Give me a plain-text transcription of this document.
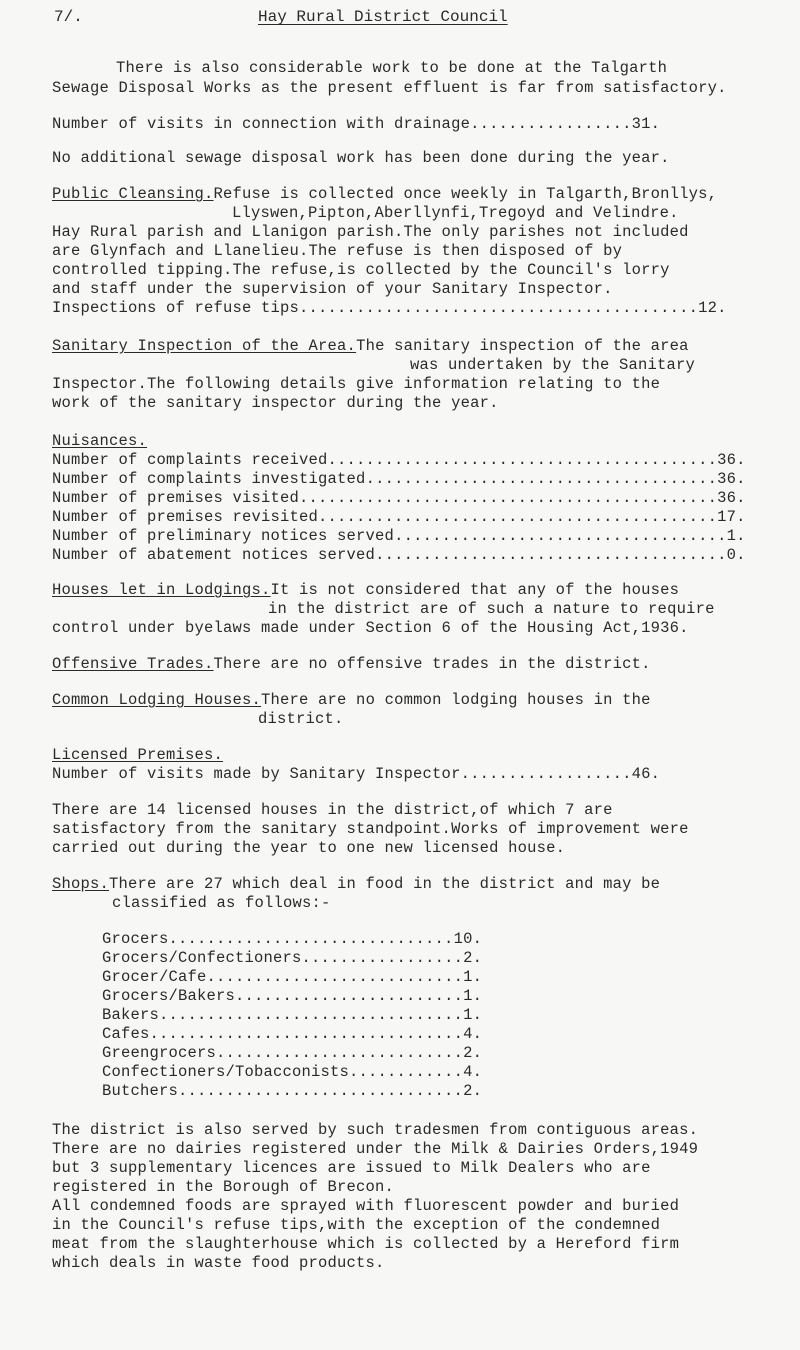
7/.	Hay Rural District Council
There is also considerable work to be done at the Talgarth
Sewage Disposal Works as the present effluent is far from satisfactory.
Number of visits in connection with drainage.................31.
No additional sewage disposal work has been done during the year.
Public Cleansing.Refuse is collected once weekly in Talgarth,Bronllys,
Llyswen,Pipton,Aberllynfi,Tregoyd and Velindre.
Hay Rural parish and Llanigon parish.The only parishes not included
are Glynfach and Llanelieu.The refuse is then disposed of by
controlled tipping.The refuse,is collected by the Council's lorry
and staff under the supervision of your Sanitary Inspector.
Inspections of refuse tips..........................................12.
Sanitary Inspection of the Area.The sanitary inspection of the area
was undertaken by the Sanitary
Inspector.The following details give information relating to the
work of the sanitary inspector during the year.
Nuisances.
Number of complaints received.........................................36.
Number of complaints investigated.....................................36.
Number of premises visited............................................36.
Number of premises revisited..........................................17.
Number of preliminary notices served...................................1.
Number of abatement notices served.....................................0.
Houses let in Lodgings.It is not considered that any of the houses
in the district are of such a nature to require
control under byelaws made under Section 6 of the Housing Act,1936.
Offensive Trades.There are no offensive trades in the district.
Common Lodging Houses.There are no common lodging houses in the
district.
Licensed Premises.
Number of visits made by Sanitary Inspector..................46.
There are 14 licensed houses in the district,of which 7 are
satisfactory from the sanitary standpoint.Works of improvement were
carried out during the year to one new licensed house.
Shops.There are 27 which deal in food in the district and may be
classified as follows:-
Grocers..............................10.
Grocers/Confectioners.................2.
Grocer/Cafe...........................1.
Grocers/Bakers........................1.
Bakers................................1.
Cafes.................................4.
Greengrocers..........................2.
Confectioners/Tobacconists............4.
Butchers..............................2.
The district is also served by such tradesmen from contiguous areas.
There are no dairies registered under the Milk & Dairies Orders,1949
but 3 supplementary licences are issued to Milk Dealers who are
registered in the Borough of Brecon.
All condemned foods are sprayed with fluorescent powder and buried
in the Council's refuse tips,with the exception of the condemned
meat from the slaughterhouse which is collected by a Hereford firm
which deals in waste food products.
